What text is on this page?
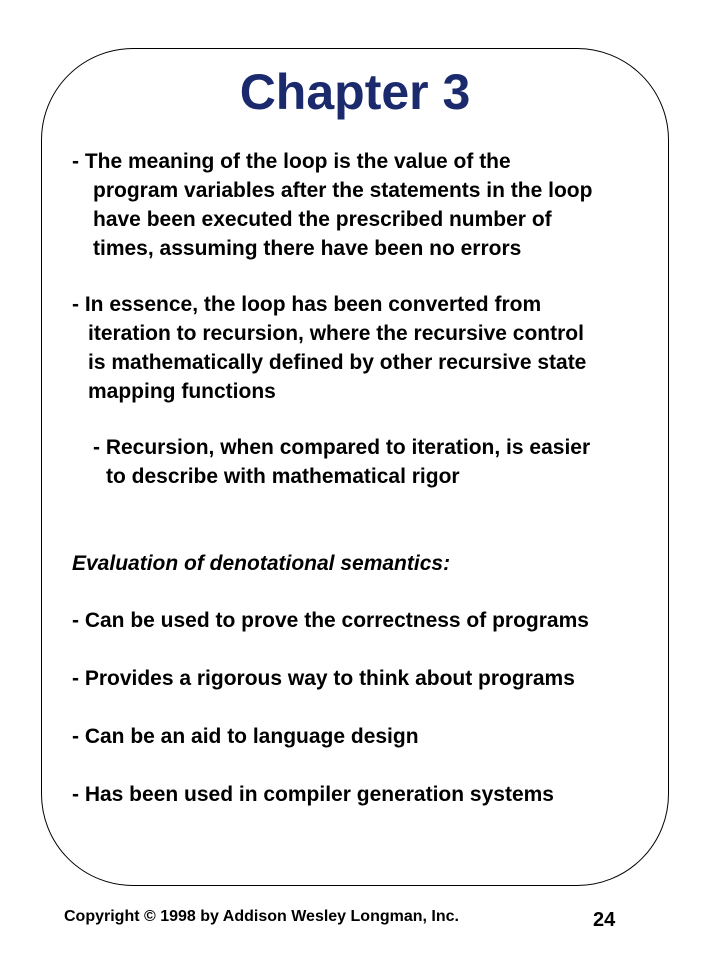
Chapter 3
- The meaning of the loop is the value of the
program variables after the statements in the loop
have been executed the prescribed number of
times, assuming there have been no errors
- In essence, the loop has been converted from
iteration to recursion, where the recursive control
is mathematically defined by other recursive state
mapping functions
- Recursion, when compared to iteration, is easier
to describe with mathematical rigor
Evaluation of denotational semantics:
- Can be used to prove the correctness of programs
- Provides a rigorous way to think about programs
- Can be an aid to language design
- Has been used in compiler generation systems
Copyright © 1998 by Addison Wesley Longman, Inc.	24
